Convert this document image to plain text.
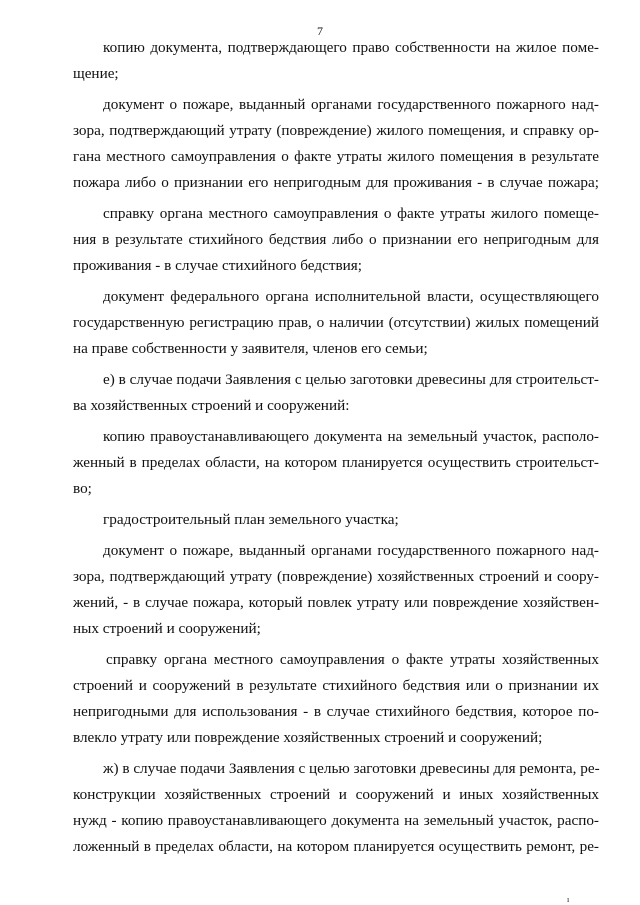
7
копию документа, подтверждающего право собственности на жилое поме-
щение;
документ о пожаре, выданный органами государственного пожарного над-
зора, подтверждающий утрату (повреждение) жилого помещения, и справку ор-
гана местного самоуправления о факте утраты жилого помещения в результате
пожара либо о признании его непригодным для проживания - в случае пожара;
справку органа местного самоуправления о факте утраты жилого помеще-
ния в результате стихийного бедствия либо о признании его непригодным для
проживания - в случае стихийного бедствия;
документ федерального органа исполнительной власти, осуществляющего
государственную регистрацию прав, о наличии (отсутствии) жилых помещений
на праве собственности у заявителя, членов его семьи;
е) в случае подачи Заявления с целью заготовки древесины для строительст-
ва хозяйственных строений и сооружений:
копию правоустанавливающего документа на земельный участок, располо-
женный в пределах области, на котором планируется осуществить строительст-
во;
градостроительный план земельного участка;
документ о пожаре, выданный органами государственного пожарного над-
зора, подтверждающий утрату (повреждение) хозяйственных строений и соору-
жений, - в случае пожара, который повлек утрату или повреждение хозяйствен-
ных строений и сооружений;
справку органа местного самоуправления о факте утраты хозяйственных
строений и сооружений в результате стихийного бедствия или о признании их
непригодными для использования - в случае стихийного бедствия, которое по-
влекло утрату или повреждение хозяйственных строений и сооружений;
ж) в случае подачи Заявления с целью заготовки древесины для ремонта, ре-
конструкции хозяйственных строений и сооружений и иных хозяйственных
нужд - копию правоустанавливающего документа на земельный участок, распо-
ложенный в пределах области, на котором планируется осуществить ремонт, ре-
ı
